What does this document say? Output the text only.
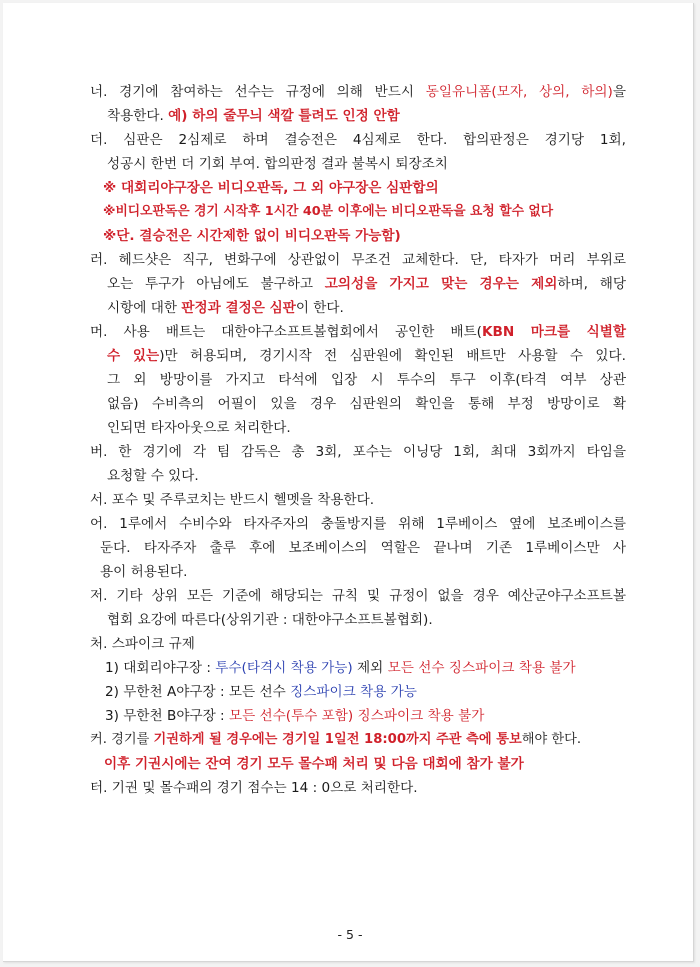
너. 경기에 참여하는 선수는 규정에 의해 반드시 동일유니폼(모자, 상의, 하의)을
착용한다. 예) 하의 줄무늬 색깔 틀려도 인정 안함
더. 심판은 2심제로 하며 결승전은 4심제로 한다. 합의판정은 경기당 1회,
성공시 한번 더 기회 부여. 합의판정 결과 불복시 퇴장조치
※ 대회리야구장은 비디오판독, 그 외 야구장은 심판합의
※비디오판독은 경기 시작후 1시간 40분 이후에는 비디오판독을 요청 할수 없다
※단. 결승전은 시간제한 없이 비디오판독 가능함)
러. 헤드샷은 직구, 변화구에 상관없이 무조건 교체한다. 단, 타자가 머리 부위로
오는 투구가 아님에도 불구하고 고의성을 가지고 맞는 경우는 제외하며, 해당
시항에 대한 판정과 결정은 심판이 한다.
머. 사용 배트는 대한야구소프트볼협회에서 공인한 배트(KBN 마크를 식별할
수 있는)만 허용되며, 경기시작 전 심판원에 확인된 배트만 사용할 수 있다.
그 외 방망이를 가지고 타석에 입장 시 투수의 투구 이후(타격 여부 상관
없음) 수비측의 어필이 있을 경우 심판원의 확인을 통해 부정 방망이로 확
인되면 타자아웃으로 처리한다.
버. 한 경기에 각 팀 감독은 총 3회, 포수는 이닝당 1회, 최대 3회까지 타임을
요청할 수 있다.
서. 포수 및 주루코치는 반드시 헬멧을 착용한다.
어. 1루에서 수비수와 타자주자의 충돌방지를 위해 1루베이스 옆에 보조베이스를
둔다. 타자주자 출루 후에 보조베이스의 역할은 끝나며 기존 1루베이스만 사
용이 허용된다.
저. 기타 상위 모든 기준에 해당되는 규칙 및 규정이 없을 경우 예산군야구소프트볼
협회 요강에 따른다(상위기관 : 대한야구소프트볼협회).
처. 스파이크 규제
1) 대회리야구장 : 투수(타격시 착용 가능) 제외 모든 선수 징스파이크 착용 불가
2) 무한천 A야구장 : 모든 선수 징스파이크 착용 가능
3) 무한천 B야구장 : 모든 선수(투수 포함) 징스파이크 착용 불가
커. 경기를 기권하게 될 경우에는 경기일 1일전 18:00까지 주관 측에 통보해야 한다.
이후 기권시에는 잔여 경기 모두 몰수패 처리 및 다음 대회에 참가 불가
터. 기권 및 몰수패의 경기 점수는 14 : 0으로 처리한다.
- 5 -
